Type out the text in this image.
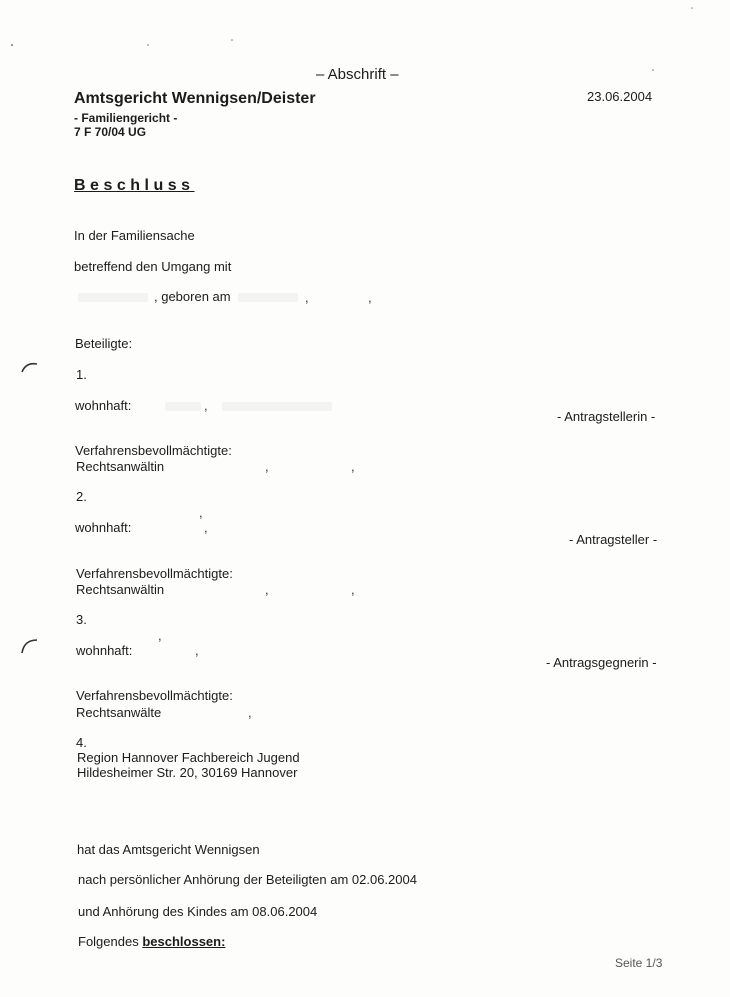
– Abschrift –
23.06.2004
Amtsgericht Wennigsen/Deister
- Familiengericht -
7 F 70/04 UG
Beschluss
In der Familiensache
betreffend den Umgang mit
, geboren am	,	,
Beteiligte:
1.
wohnhaft:	,
- Antragstellerin -
Verfahrensbevollmächtigte:
Rechtsanwältin	,	,
2.
,
wohnhaft:	,
- Antragsteller -
Verfahrensbevollmächtigte:
Rechtsanwältin	,	,
3.
,
wohnhaft:	,
- Antragsgegnerin -
Verfahrensbevollmächtigte:
Rechtsanwälte	,
4.
Region Hannover Fachbereich Jugend
Hildesheimer Str. 20, 30169 Hannover
hat das Amtsgericht Wennigsen
nach persönlicher Anhörung der Beteiligten am 02.06.2004
und Anhörung des Kindes am 08.06.2004
Folgendes beschlossen:
Seite 1/3
